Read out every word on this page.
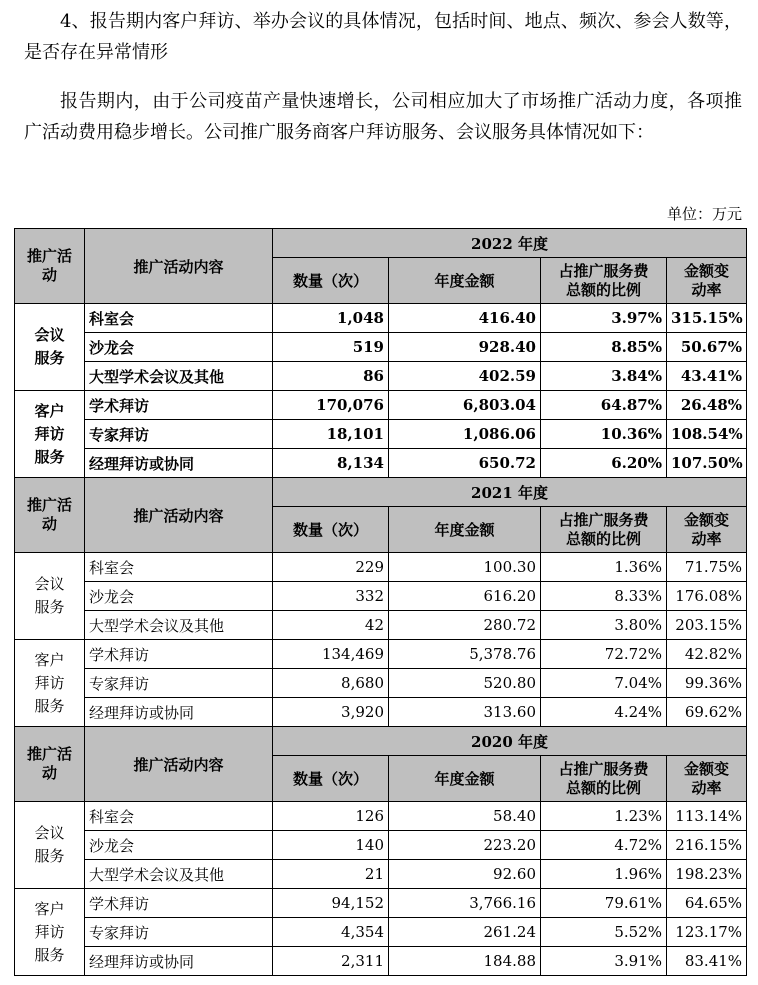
4、报告期内客户拜访、举办会议的具体情况，包括时间、地点、频次、参会人数等，是否存在异常情形

报告期内，由于公司疫苗产量快速增长，公司相应加大了市场推广活动力度，各项推广活动费用稳步增长。公司推广服务商客户拜访服务、会议服务具体情况如下：

单位：万元
推广活动	推广活动内容	2022 年度			
		数量（次）	年度金额	占推广服务费总额的比例	金额变动率
会议服务	科室会	1,048	416.40	3.97%	315.15%
	沙龙会	519	928.40	8.85%	50.67%
	大型学术会议及其他	86	402.59	3.84%	43.41%
客户拜访服务	学术拜访	170,076	6,803.04	64.87%	26.48%
	专家拜访	18,101	1,086.06	10.36%	108.54%
	经理拜访或协同	8,134	650.72	6.20%	107.50%
推广活动	推广活动内容	2021 年度			
		数量（次）	年度金额	占推广服务费总额的比例	金额变动率
会议服务	科室会	229	100.30	1.36%	71.75%
	沙龙会	332	616.20	8.33%	176.08%
	大型学术会议及其他	42	280.72	3.80%	203.15%
客户拜访服务	学术拜访	134,469	5,378.76	72.72%	42.82%
	专家拜访	8,680	520.80	7.04%	99.36%
	经理拜访或协同	3,920	313.60	4.24%	69.62%
推广活动	推广活动内容	2020 年度			
		数量（次）	年度金额	占推广服务费总额的比例	金额变动率
会议服务	科室会	126	58.40	1.23%	113.14%
	沙龙会	140	223.20	4.72%	216.15%
	大型学术会议及其他	21	92.60	1.96%	198.23%
客户拜访服务	学术拜访	94,152	3,766.16	79.61%	64.65%
	专家拜访	4,354	261.24	5.52%	123.17%
	经理拜访或协同	2,311	184.88	3.91%	83.41%
